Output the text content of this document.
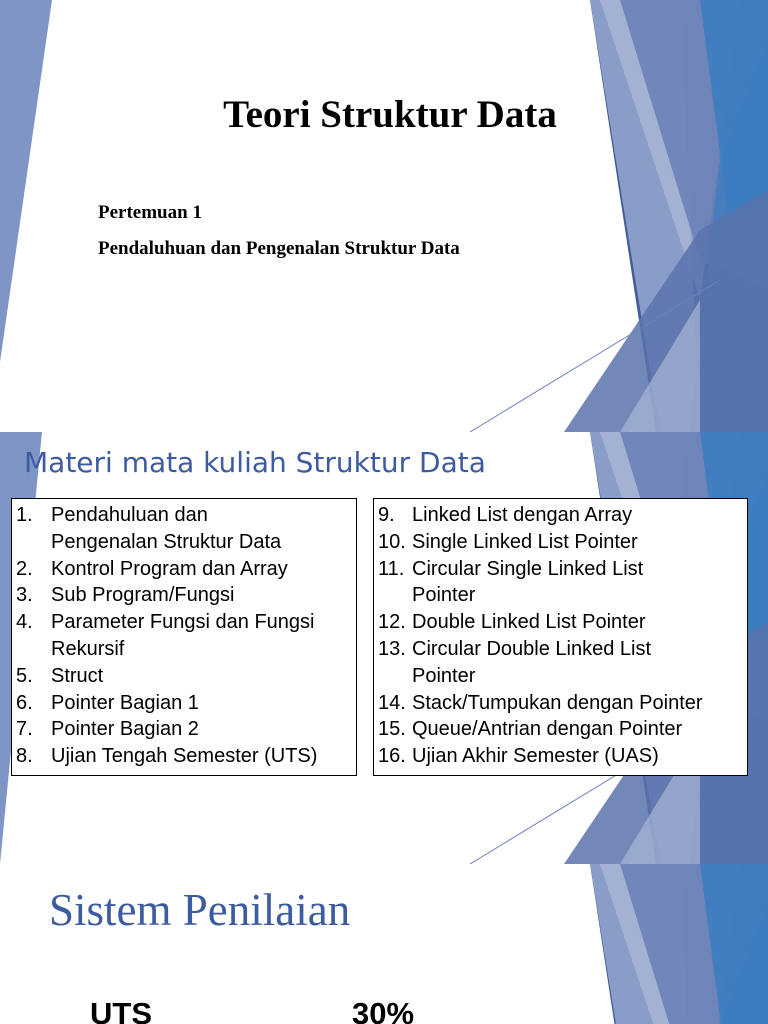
Teori Struktur Data
Pertemuan 1
Pendaluhuan dan Pengenalan Struktur Data
Materi mata kuliah Struktur Data
1. Pendahuluan dan
Pengenalan Struktur Data
2. Kontrol Program dan Array
3. Sub Program/Fungsi
4. Parameter Fungsi dan Fungsi
Rekursif
5. Struct
6. Pointer Bagian 1
7. Pointer Bagian 2
8. Ujian Tengah Semester (UTS)
9. Linked List dengan Array
10. Single Linked List Pointer
11. Circular Single Linked List
Pointer
12. Double Linked List Pointer
13. Circular Double Linked List
Pointer
14. Stack/Tumpukan dengan Pointer
15. Queue/Antrian dengan Pointer
16. Ujian Akhir Semester (UAS)
Sistem Penilaian
UTS	30%
